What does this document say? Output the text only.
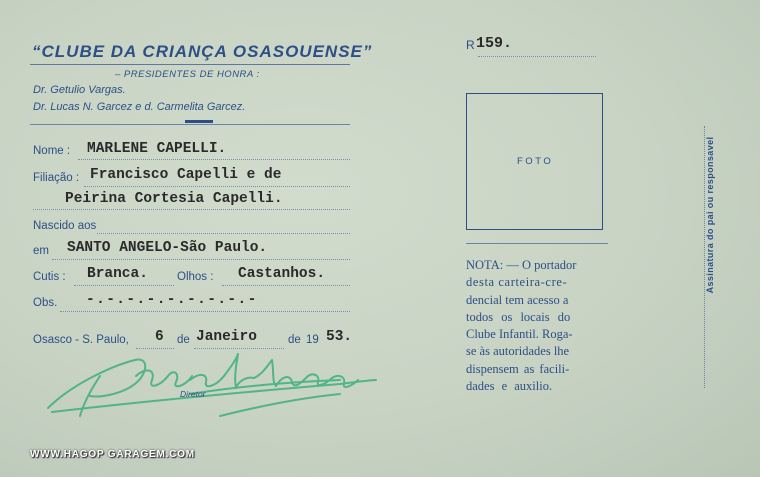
“CLUBE DA CRIANÇA OSASOUENSE”
– PRESIDENTES DE HONRA :
Dr. Getulio Vargas.
Dr. Lucas N. Garcez e d. Carmelita Garcez.
Nome : MARLENE CAPELLI.
Filiação : Francisco Capelli e de
Peirina Cortesia Capelli.
Nascido aos
em SANTO ANGELO-São Paulo.
Cutis : Branca.	Olhos : Castanhos.
Obs. -.-.-.-.-.-.-.-.-
Osasco - S. Paulo, 6 de Janeiro	de 19 53.
Diretor
R 159.
FOTO
NOTA: — O portador
desta carteira-cre-
dencial tem acesso a
todos os locais do
Clube Infantil. Roga-
se às autoridades lhe
dispensem as facili-
dades e auxilio.
Assinatura do pai ou responsavel
WWW.HAGOP GARAGEM.COM
